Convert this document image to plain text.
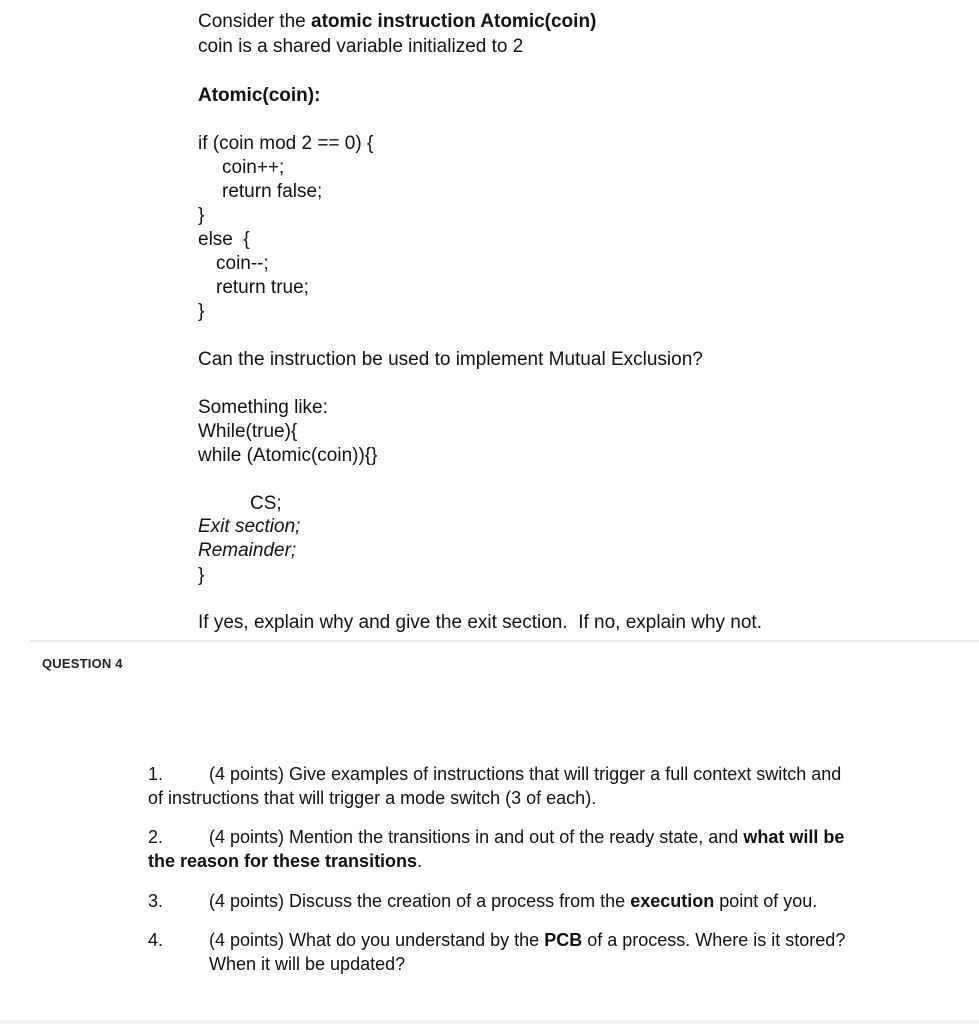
Consider the atomic instruction Atomic(coin)
coin is a shared variable initialized to 2
Atomic(coin):
if (coin mod 2 == 0) {
coin++;
return false;
}
else  {
coin--;
return true;
}
Can the instruction be used to implement Mutual Exclusion?
Something like:
While(true){
while (Atomic(coin)){}
CS;
Exit section;
Remainder;
}
If yes, explain why and give the exit section.  If no, explain why not.
QUESTION 4
1.	(4 points) Give examples of instructions that will trigger a full context switch and
of instructions that will trigger a mode switch (3 of each).
2.	(4 points) Mention the transitions in and out of the ready state, and what will be
the reason for these transitions.
3.	(4 points) Discuss the creation of a process from the execution point of you.
4.	(4 points) What do you understand by the PCB of a process. Where is it stored?
When it will be updated?
